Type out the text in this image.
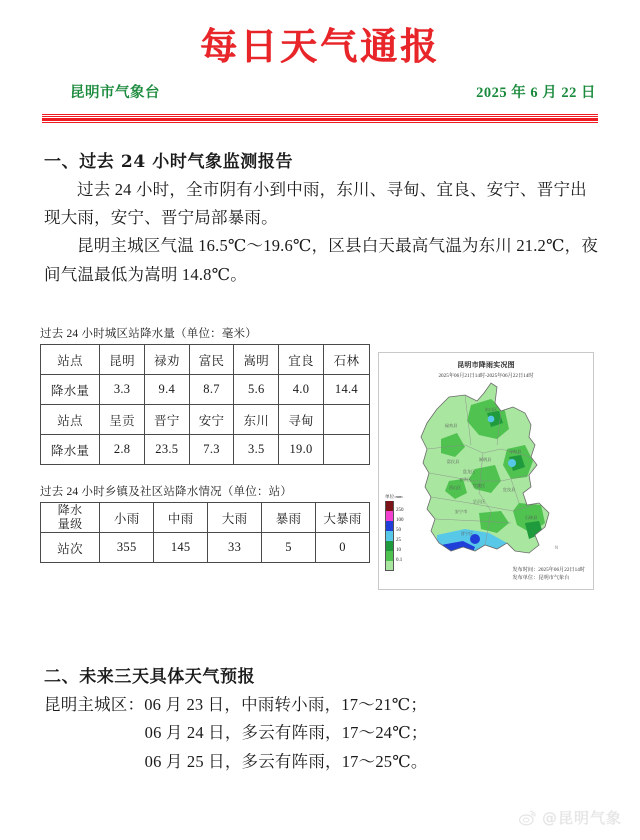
每日天气通报
昆明市气象台	2025 年 6 月 22 日
一、过去 24 小时气象监测报告

过去 24 小时，全市阴有小到中雨，东川、寻甸、宜良、安宁、晋宁出现大雨，安宁、晋宁局部暴雨。

昆明主城区气温 16.5℃～19.6℃，区县白天最高气温为东川 21.2℃，夜间气温最低为嵩明 14.8℃。

过去 24 小时城区站降水量（单位：毫米）
站点	昆明	禄劝	富民	嵩明	宜良	石林
降水量	3.3	9.4	8.7	5.6	4.0	14.4
站点	呈贡	晋宁	安宁	东川	寻甸	
降水量	2.8	23.5	7.3	3.5	19.0	
过去 24 小时乡镇及社区站降水情况（单位：站）
降水
量级	小雨	中雨	大雨	暴雨	大暴雨
站次	355	145	33	5	0
昆明市降雨实况图
2025年06月21日14时-2025年06月22日14时
禄劝县
东川区
寻甸县
富民县	嵩明县
盘龙区
官渡区
西山区
五华区
呈贡区
安宁市
宜良县
石林县
晋宁区
N
单位:mm
250
100
50
25
10
0.1
发布时间：2025年06月22日14时
发布单位：昆明市气象台
二、未来三天具体天气预报
昆明主城区：06 月 23 日，中雨转小雨，17～21℃；
06 月 24 日，多云有阵雨，17～24℃；
06 月 25 日，多云有阵雨，17～25℃。
@昆明气象
